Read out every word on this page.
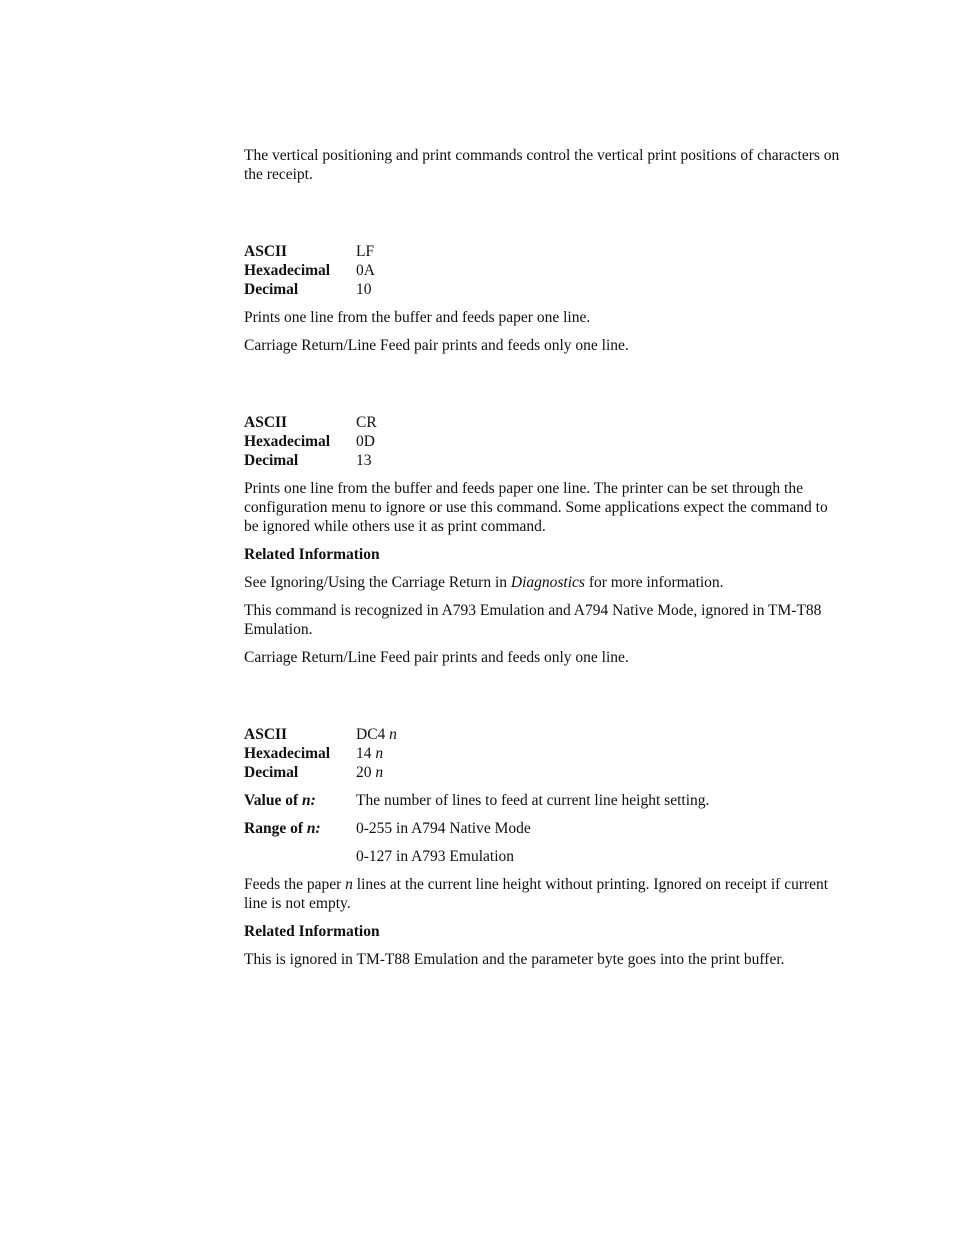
The vertical positioning and print commands control the vertical print positions of characters on the receipt.

ASCII	LF
Hexadecimal	0A
Decimal	10

Prints one line from the buffer and feeds paper one line.

Carriage Return/Line Feed pair prints and feeds only one line.

ASCII	CR
Hexadecimal	0D
Decimal	13

Prints one line from the buffer and feeds paper one line. The printer can be set through the configuration menu to ignore or use this command. Some applications expect the command to be ignored while others use it as print command.

Related Information

See Ignoring/Using the Carriage Return in Diagnostics for more information.

This command is recognized in A793 Emulation and A794 Native Mode, ignored in TM-T88 Emulation.

Carriage Return/Line Feed pair prints and feeds only one line.

ASCII	DC4 n
Hexadecimal	14 n
Decimal	20 n
Value of n:	The number of lines to feed at current line height setting.
Range of n:	0-255 in A794 Native Mode
0-127 in A793 Emulation

Feeds the paper n lines at the current line height without printing. Ignored on receipt if current line is not empty.

Related Information

This is ignored in TM-T88 Emulation and the parameter byte goes into the print buffer.
